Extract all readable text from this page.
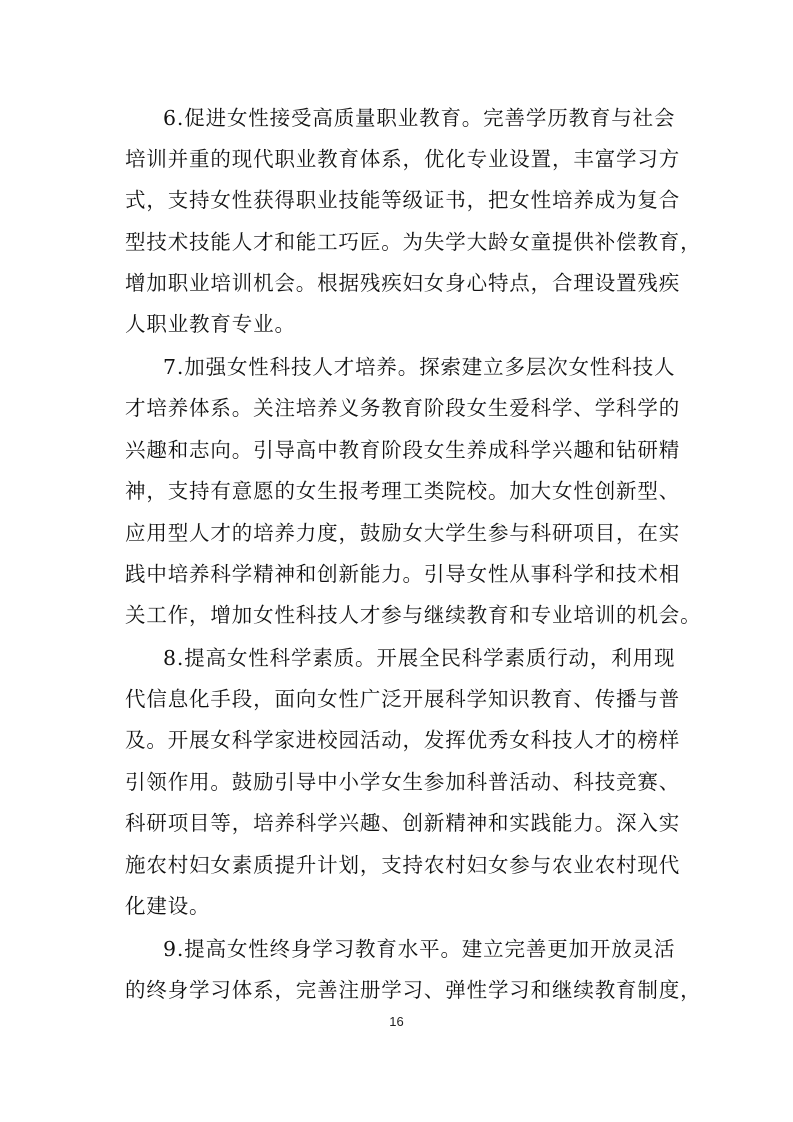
6.促进女性接受高质量职业教育。完善学历教育与社会
培训并重的现代职业教育体系，优化专业设置，丰富学习方
式，支持女性获得职业技能等级证书，把女性培养成为复合
型技术技能人才和能工巧匠。为失学大龄女童提供补偿教育，
增加职业培训机会。根据残疾妇女身心特点，合理设置残疾
人职业教育专业。
7.加强女性科技人才培养。探索建立多层次女性科技人
才培养体系。关注培养义务教育阶段女生爱科学、学科学的
兴趣和志向。引导高中教育阶段女生养成科学兴趣和钻研精
神，支持有意愿的女生报考理工类院校。加大女性创新型、
应用型人才的培养力度，鼓励女大学生参与科研项目，在实
践中培养科学精神和创新能力。引导女性从事科学和技术相
关工作，增加女性科技人才参与继续教育和专业培训的机会。
8.提高女性科学素质。开展全民科学素质行动，利用现
代信息化手段，面向女性广泛开展科学知识教育、传播与普
及。开展女科学家进校园活动，发挥优秀女科技人才的榜样
引领作用。鼓励引导中小学女生参加科普活动、科技竞赛、
科研项目等，培养科学兴趣、创新精神和实践能力。深入实
施农村妇女素质提升计划，支持农村妇女参与农业农村现代
化建设。
9.提高女性终身学习教育水平。建立完善更加开放灵活
的终身学习体系，完善注册学习、弹性学习和继续教育制度，
16
